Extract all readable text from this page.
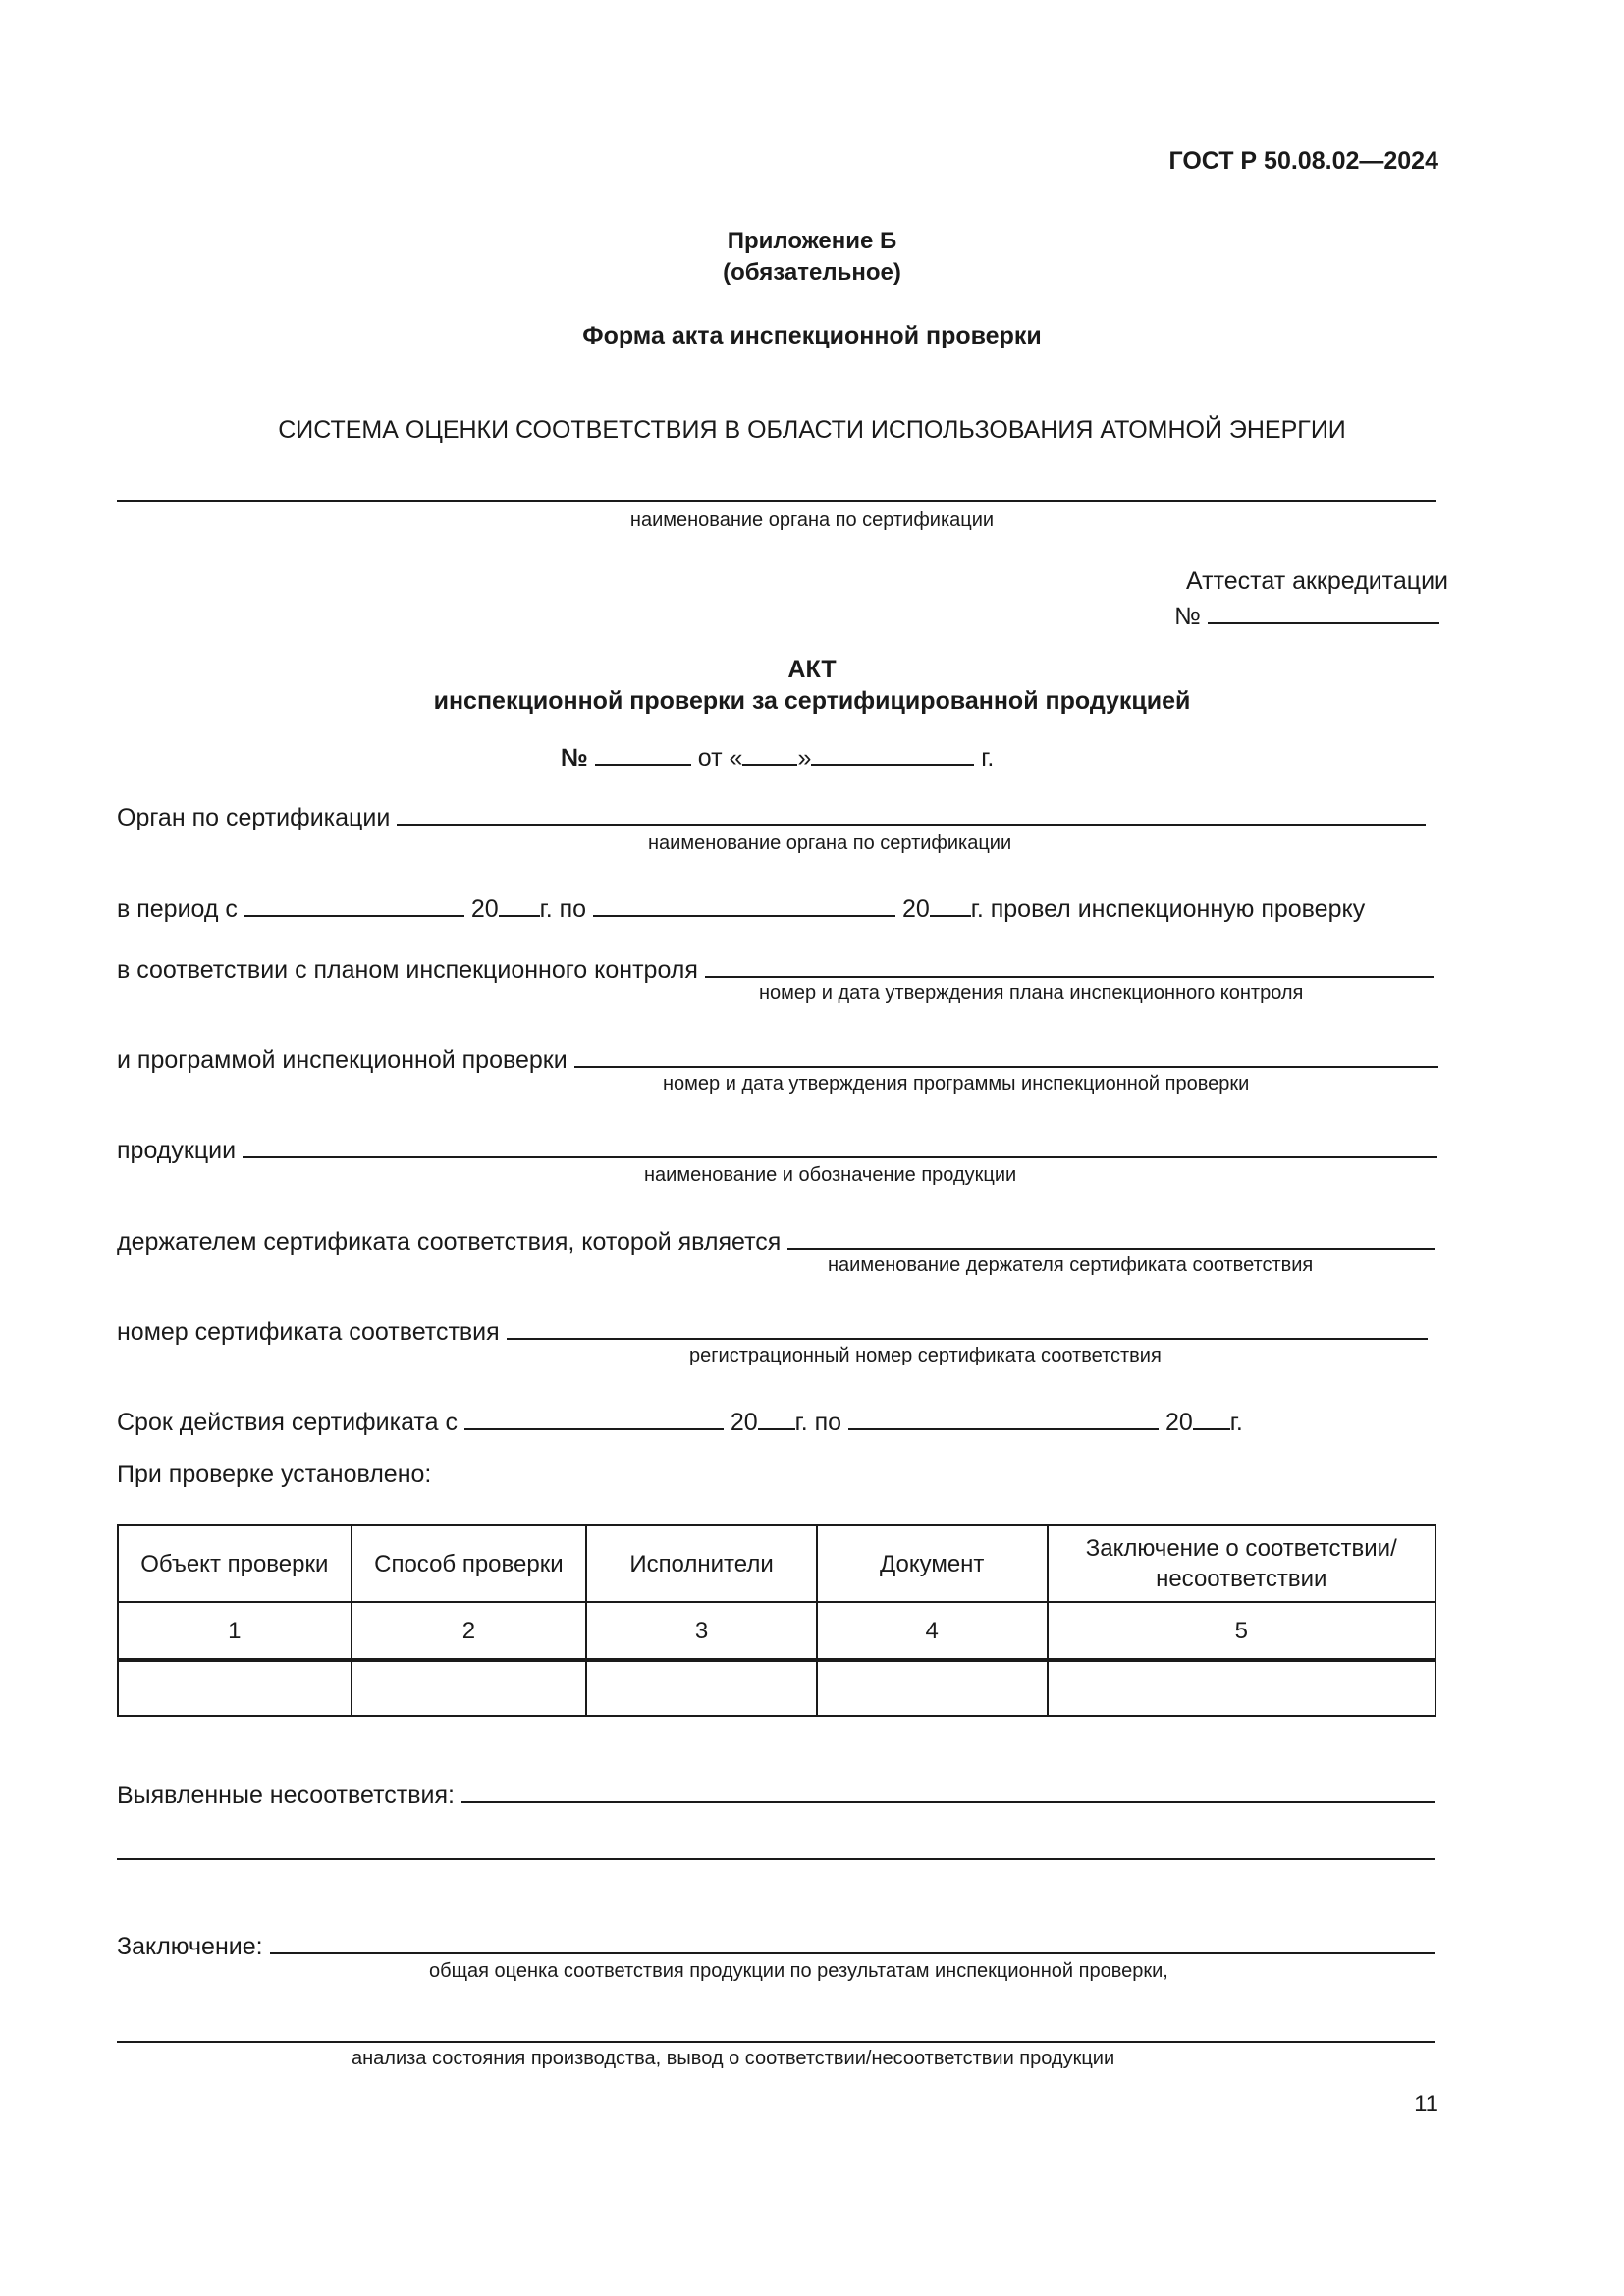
ГОСТ Р 50.08.02—2024
Приложение Б
(обязательное)
Форма акта инспекционной проверки
СИСТЕМА ОЦЕНКИ СООТВЕТСТВИЯ В ОБЛАСТИ ИСПОЛЬЗОВАНИЯ АТОМНОЙ ЭНЕРГИИ
наименование органа по сертификации
Аттестат аккредитации
№
АКТ
инспекционной проверки за сертифицированной продукцией
№	от « »	г.
Орган по сертификации
наименование органа по сертификации
в период с	20 г. по	20 г. провел инспекционную проверку
в соответствии с планом инспекционного контроля
номер и дата утверждения плана инспекционного контроля
и программой инспекционной проверки
номер и дата утверждения программы инспекционной проверки
продукции
наименование и обозначение продукции
держателем сертификата соответствия, которой является
наименование держателя сертификата соответствия
номер сертификата соответствия
регистрационный номер сертификата соответствия
Срок действия сертификата с	20 г. по	20 г.
При проверке установлено:
Объект проверки	Способ проверки	Исполнители	Документ	Заключение о соответствии/ несоответствии
1	2	3	4	5

Выявленные несоответствия:
Заключение:
общая оценка соответствия продукции по результатам инспекционной проверки,
анализа состояния производства, вывод о соответствии/несоответствии продукции
11
